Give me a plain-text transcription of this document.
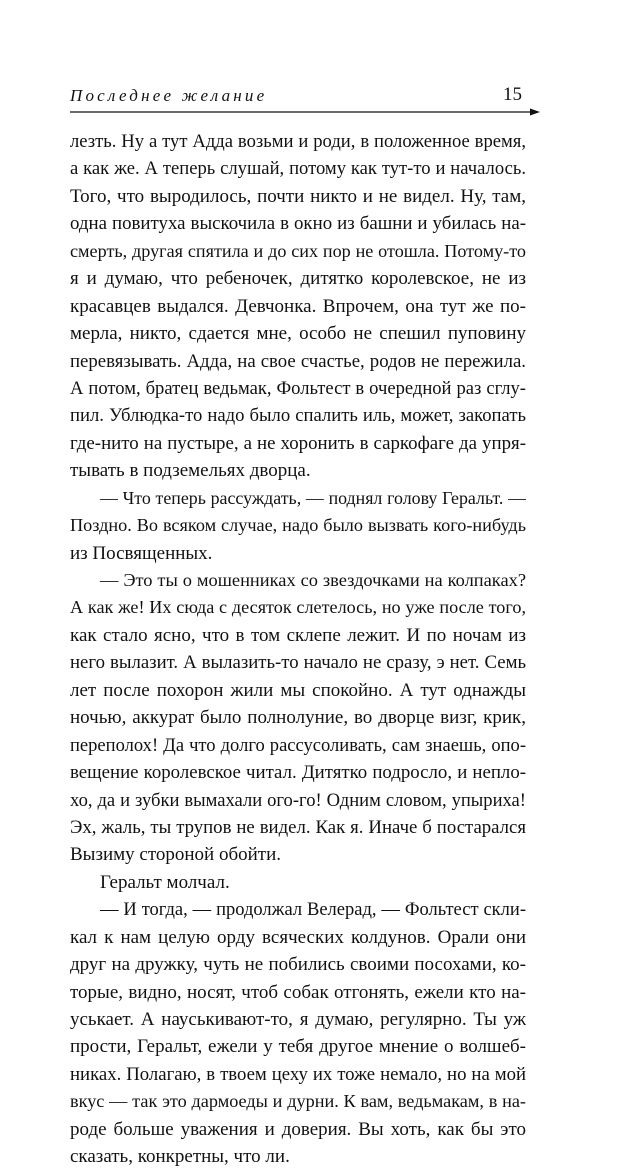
Последнее желание	15
лезть. Ну а тут Адда возьми и роди, в положенное время,
а как же. А теперь слушай, потому как тут-то и началось.
Того, что выродилось, почти никто и не видел. Ну, там,
одна повитуха выскочила в окно из башни и убилась на-
смерть, другая спятила и до сих пор не отошла. Потому-то
я и думаю, что ребеночек, дитятко королевское, не из
красавцев выдался. Девчонка. Впрочем, она тут же по-
мерла, никто, сдается мне, особо не спешил пуповину
перевязывать. Адда, на свое счастье, родов не пережила.
А потом, братец ведьмак, Фольтест в очередной раз сглу-
пил. Ублюдка-то надо было спалить иль, может, закопать
где-нито на пустыре, а не хоронить в саркофаге да упря-
тывать в подземельях дворца.
— Что теперь рассуждать, — поднял голову Геральт. —
Поздно. Во всяком случае, надо было вызвать кого-нибудь
из Посвященных.
— Это ты о мошенниках со звездочками на колпаках?
А как же! Их сюда с десяток слетелось, но уже после того,
как стало ясно, что в том склепе лежит. И по ночам из
него вылазит. А вылазить-то начало не сразу, э нет. Семь
лет после похорон жили мы спокойно. А тут однажды
ночью, аккурат было полнолуние, во дворце визг, крик,
переполох! Да что долго рассусоливать, сам знаешь, опо-
вещение королевское читал. Дитятко подросло, и непло-
хо, да и зубки вымахали ого-го! Одним словом, упыриха!
Эх, жаль, ты трупов не видел. Как я. Иначе б постарался
Вызиму стороной обойти.
Геральт молчал.
— И тогда, — продолжал Велерад, — Фольтест скли-
кал к нам целую орду всяческих колдунов. Орали они
друг на дружку, чуть не побились своими посохами, ко-
торые, видно, носят, чтоб собак отгонять, ежели кто на-
уськает. А науськивают-то, я думаю, регулярно. Ты уж
прости, Геральт, ежели у тебя другое мнение о волшеб-
никах. Полагаю, в твоем цеху их тоже немало, но на мой
вкус — так это дармоеды и дурни. К вам, ведьмакам, в на-
роде больше уважения и доверия. Вы хоть, как бы это
сказать, конкретны, что ли.
